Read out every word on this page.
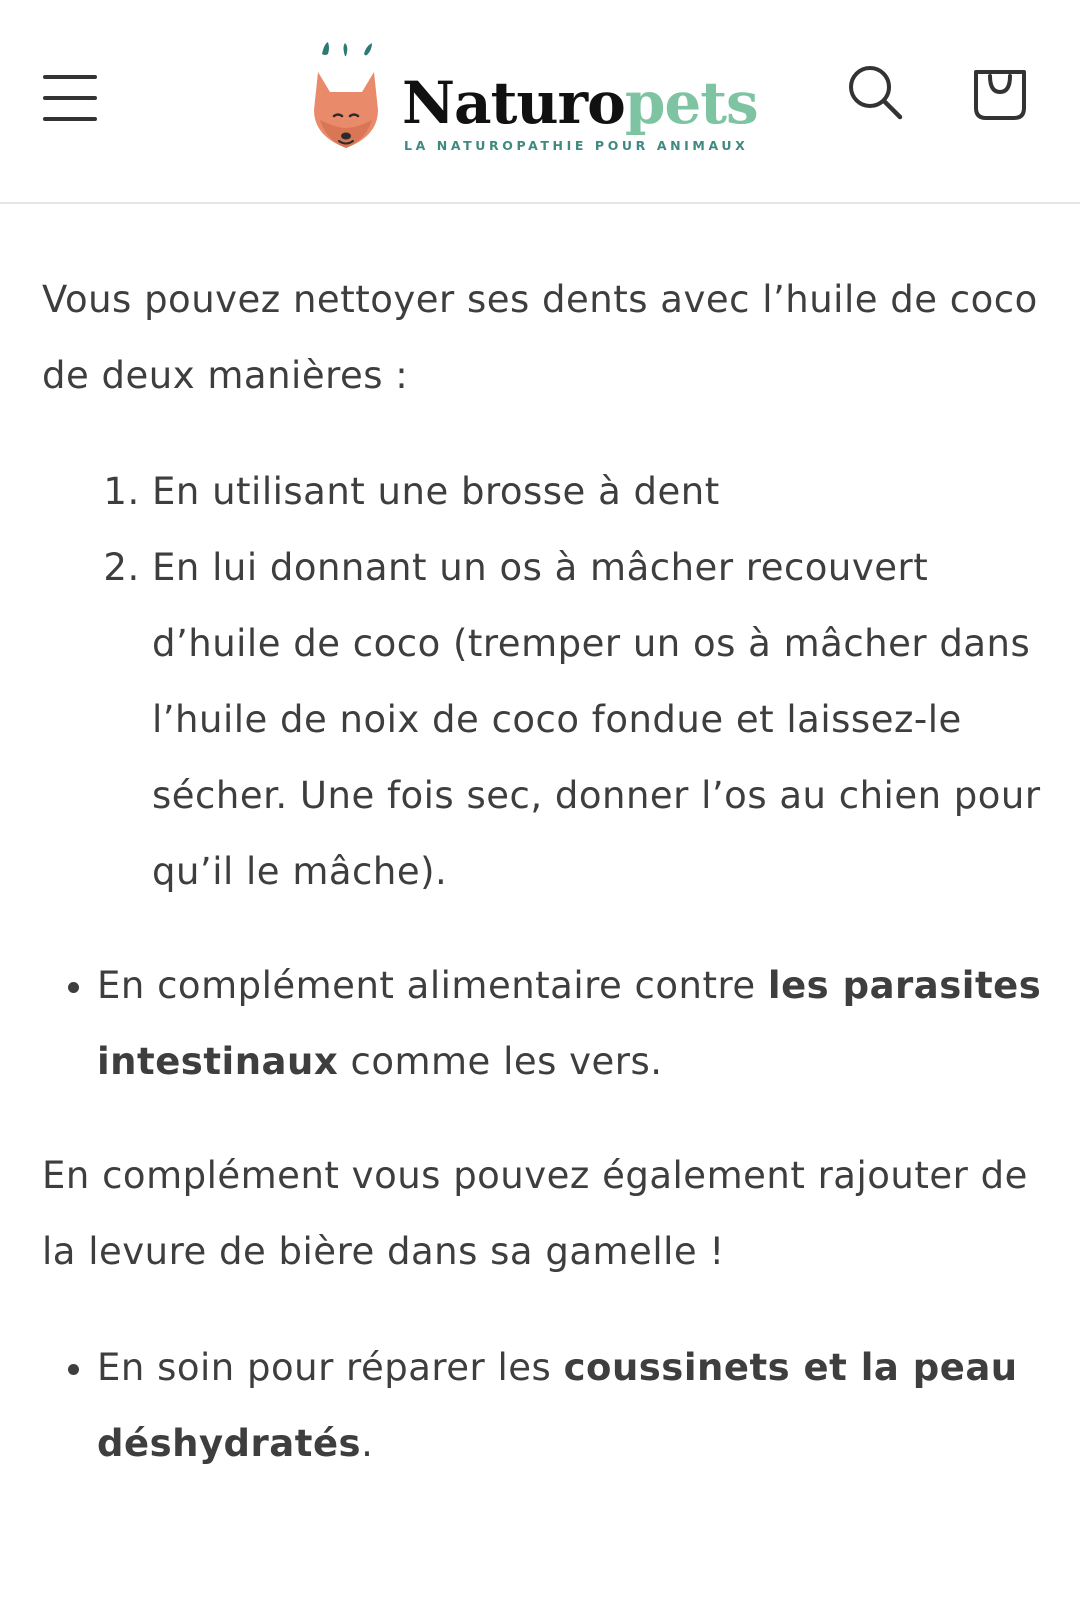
Naturopets
LA NATUROPATHIE POUR ANIMAUX

Vous pouvez nettoyer ses dents avec l’huile de coco de deux manières :

1. En utilisant une brosse à dent
2. En lui donnant un os à mâcher recouvert d’huile de coco (tremper un os à mâcher dans l’huile de noix de coco fondue et laissez-le sécher. Une fois sec, donner l’os au chien pour qu’il le mâche).
• En complément alimentaire contre les parasites intestinaux comme les vers.

En complément vous pouvez également rajouter de la levure de bière dans sa gamelle !

• En soin pour réparer les coussinets et la peau déshydratés.
